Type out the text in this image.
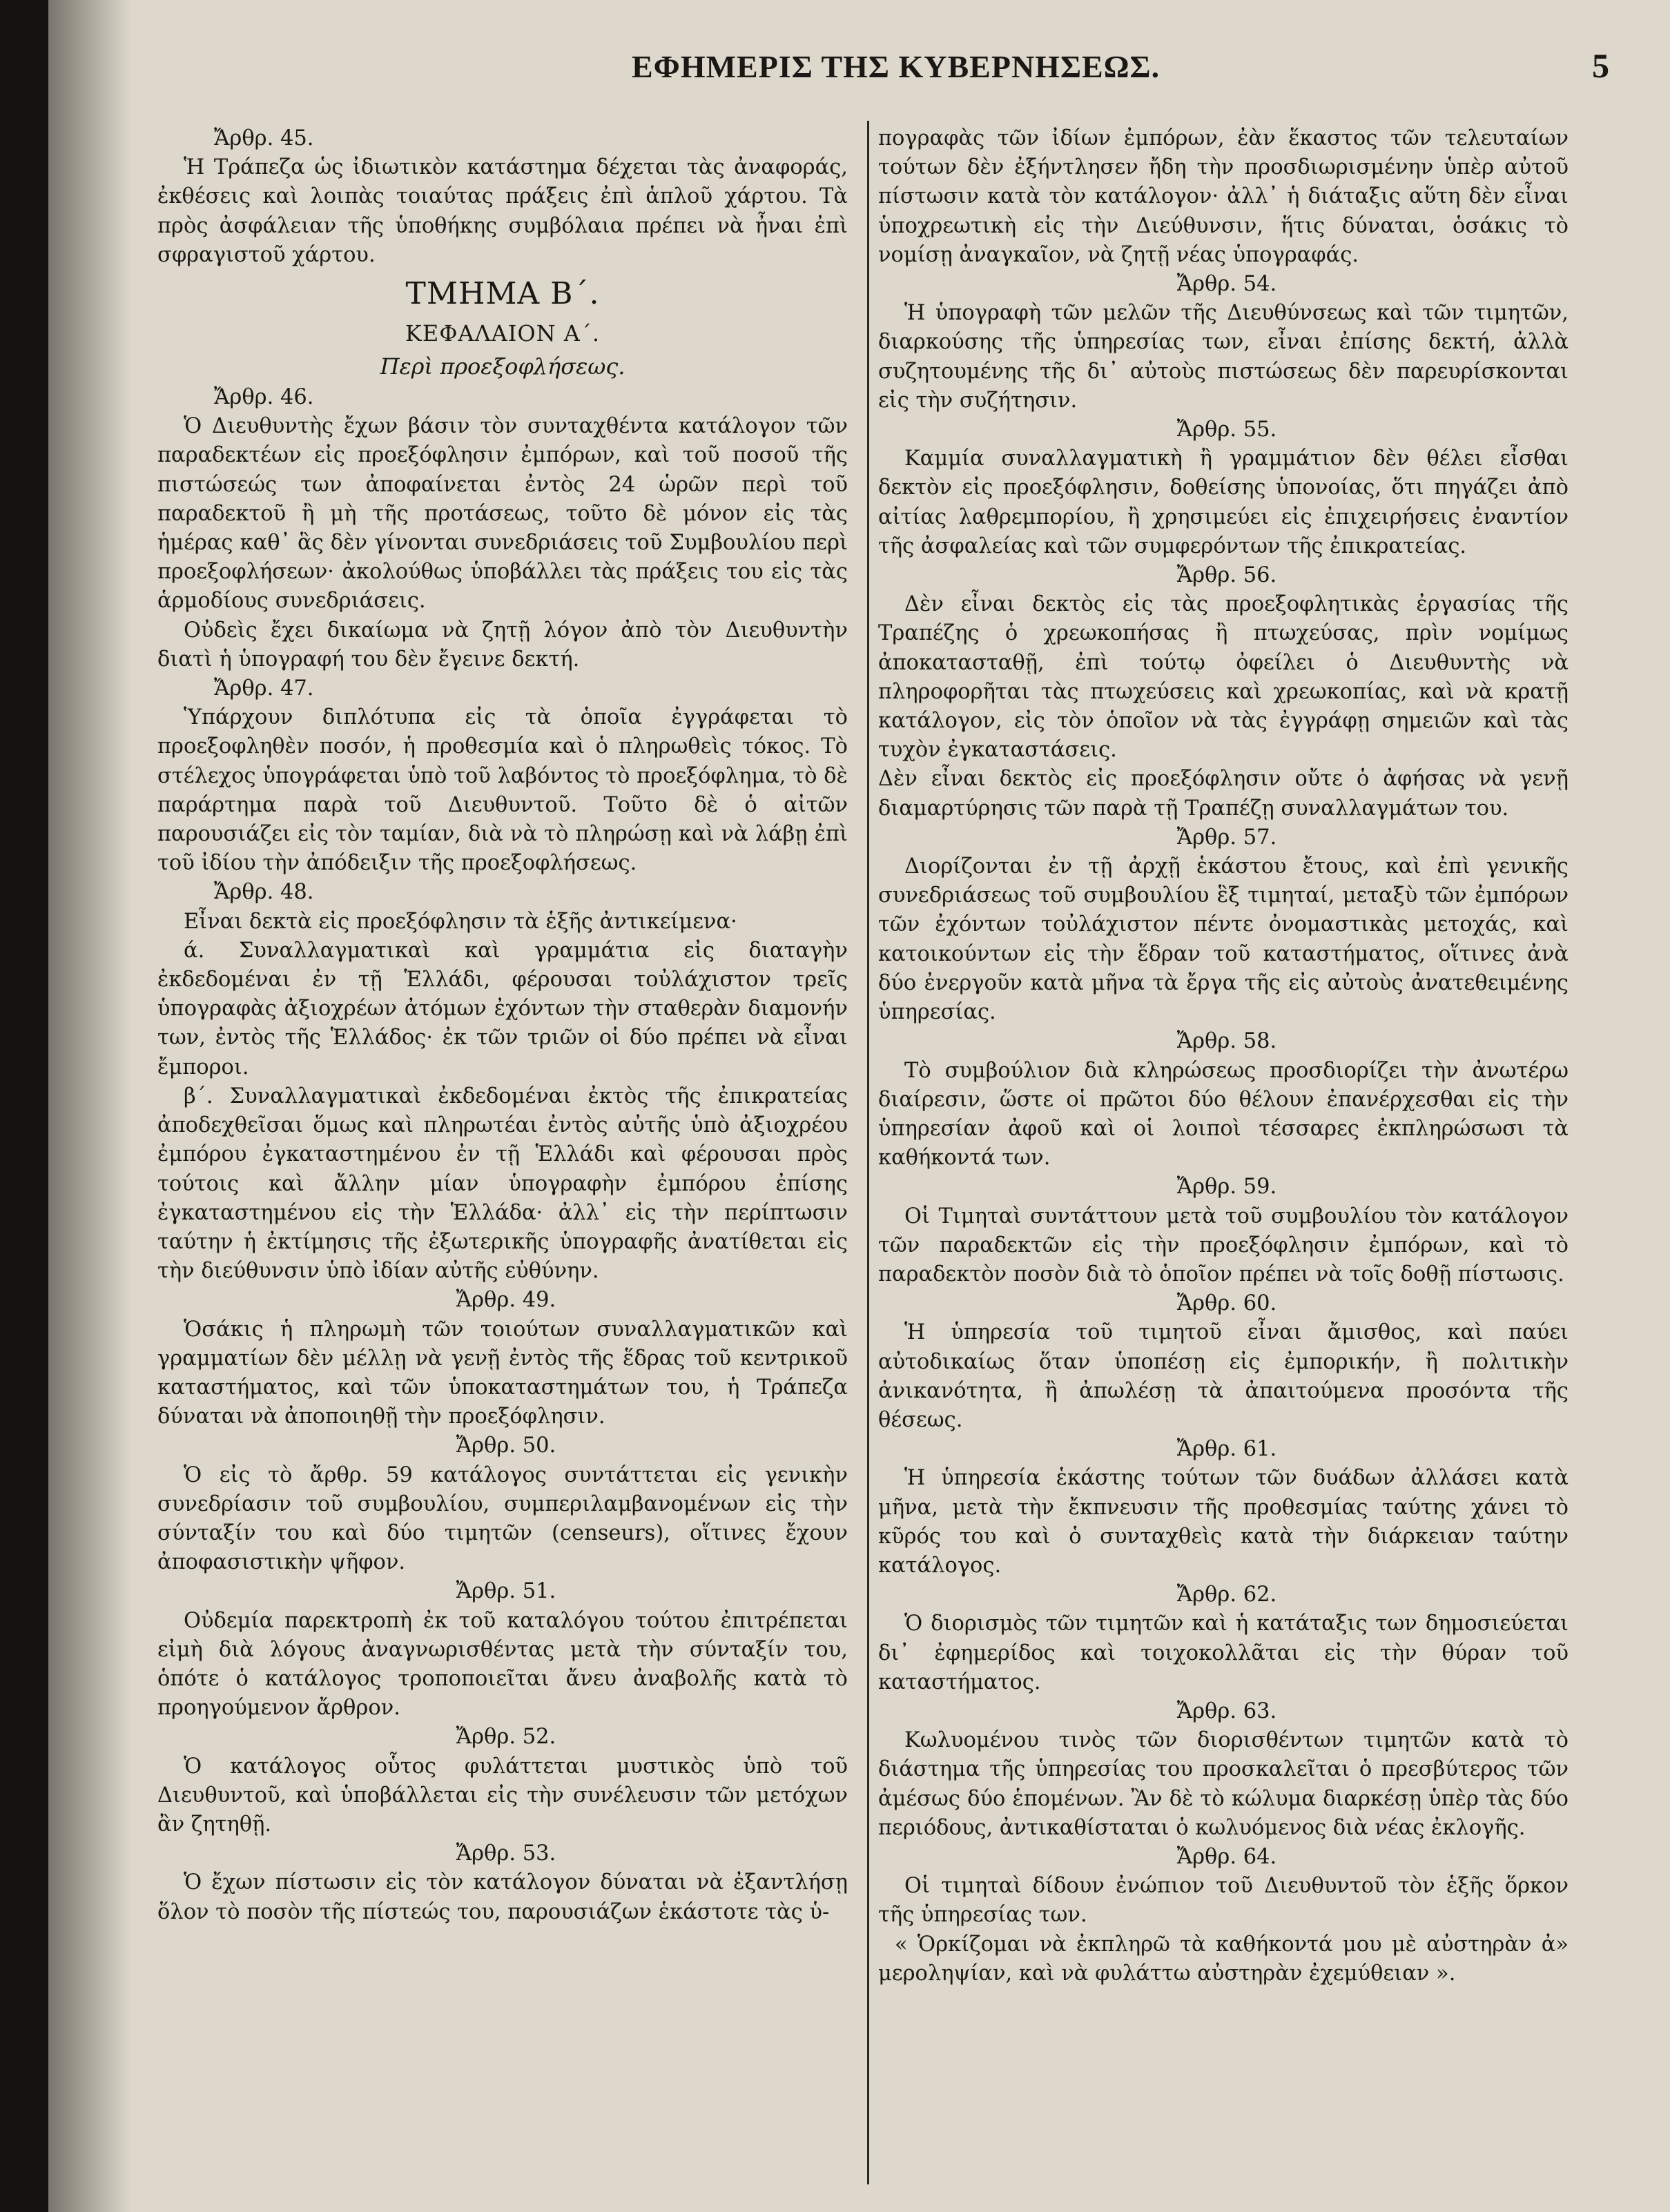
ΕΦΗΜΕΡΙΣ ΤΗΣ ΚΥΒΕΡΝΗΣΕΩΣ.	5

Ἄρθρ. 45.

Ἡ Τράπεζα ὡς ἰδιωτικὸν κατάστημα δέχεται τὰς ἀναφοράς, ἐκθέσεις καὶ λοιπὰς τοιαύτας πράξεις ἐπὶ ἁπλοῦ χάρτου. Τὰ πρὸς ἀσφάλειαν τῆς ὑποθήκης συμβόλαια πρέπει νὰ ἦναι ἐπὶ σφραγιστοῦ χάρτου.

ΤΜΗΜΑ Β΄.

ΚΕΦΑΛΑΙΟΝ Α΄.

Περὶ προεξοφλήσεως.

Ἄρθρ. 46.

Ὁ Διευθυντὴς ἔχων βάσιν τὸν συνταχθέντα κατάλογον τῶν παραδεκτέων εἰς προεξόφλησιν ἐμπόρων, καὶ τοῦ ποσοῦ τῆς πιστώσεώς των ἀποφαίνεται ἐντὸς 24 ὡρῶν περὶ τοῦ παραδεκτοῦ ἢ μὴ τῆς προτάσεως, τοῦτο δὲ μόνον εἰς τὰς ἡμέρας καθ᾽ ἃς δὲν γίνονται συνεδριάσεις τοῦ Συμβουλίου περὶ προεξοφλήσεων· ἀκολούθως ὑποβάλλει τὰς πράξεις του εἰς τὰς ἁρμοδίους συνεδριάσεις.

Οὐδεὶς ἔχει δικαίωμα νὰ ζητῇ λόγον ἀπὸ τὸν Διευθυντὴν διατὶ ἡ ὑπογραφή του δὲν ἔγεινε δεκτή.

Ἄρθρ. 47.

Ὑπάρχουν διπλότυπα εἰς τὰ ὁποῖα ἐγγράφεται τὸ προεξοφληθὲν ποσόν, ἡ προθεσμία καὶ ὁ πληρωθεὶς τόκος. Τὸ στέλεχος ὑπογράφεται ὑπὸ τοῦ λαβόντος τὸ προεξόφλημα, τὸ δὲ παράρτημα παρὰ τοῦ Διευθυντοῦ. Τοῦτο δὲ ὁ αἰτῶν παρουσιάζει εἰς τὸν ταμίαν, διὰ νὰ τὸ πληρώσῃ καὶ νὰ λάβῃ ἐπὶ τοῦ ἰδίου τὴν ἀπόδειξιν τῆς προεξοφλήσεως.

Ἄρθρ. 48.

Εἶναι δεκτὰ εἰς προεξόφλησιν τὰ ἑξῆς ἀντικείμενα·

ά. Συναλλαγματικαὶ καὶ γραμμάτια εἰς διαταγὴν ἐκδεδομέναι ἐν τῇ Ἑλλάδι, φέρουσαι τοὐλάχιστον τρεῖς ὑπογραφὰς ἀξιοχρέων ἀτόμων ἐχόντων τὴν σταθερὰν διαμονήν των, ἐντὸς τῆς Ἑλλάδος· ἐκ τῶν τριῶν οἱ δύο πρέπει νὰ εἶναι ἔμποροι.

β΄. Συναλλαγματικαὶ ἐκδεδομέναι ἐκτὸς τῆς ἐπικρατείας ἀποδεχθεῖσαι ὅμως καὶ πληρωτέαι ἐντὸς αὐτῆς ὑπὸ ἀξιοχρέου ἐμπόρου ἐγκαταστημένου ἐν τῇ Ἑλλάδι καὶ φέρουσαι πρὸς τούτοις καὶ ἄλλην μίαν ὑπογραφὴν ἐμπόρου ἐπίσης ἐγκαταστημένου εἰς τὴν Ἑλλάδα· ἀλλ᾽ εἰς τὴν περίπτωσιν ταύτην ἡ ἐκτίμησις τῆς ἐξωτερικῆς ὑπογραφῆς ἀνατίθεται εἰς τὴν διεύθυνσιν ὑπὸ ἰδίαν αὐτῆς εὐθύνην.

Ἄρθρ. 49.

Ὁσάκις ἡ πληρωμὴ τῶν τοιούτων συναλλαγματικῶν καὶ γραμματίων δὲν μέλλῃ νὰ γενῇ ἐντὸς τῆς ἕδρας τοῦ κεντρικοῦ καταστήματος, καὶ τῶν ὑποκαταστημάτων του, ἡ Τράπεζα δύναται νὰ ἀποποιηθῇ τὴν προεξόφλησιν.

Ἄρθρ. 50.

Ὁ εἰς τὸ ἄρθρ. 59 κατάλογος συντάττεται εἰς γενικὴν συνεδρίασιν τοῦ συμβουλίου, συμπεριλαμβανομένων εἰς τὴν σύνταξίν του καὶ δύο τιμητῶν (censeurs), οἵτινες ἔχουν ἀποφασιστικὴν ψῆφον.

Ἄρθρ. 51.

Οὐδεμία παρεκτροπὴ ἐκ τοῦ καταλόγου τούτου ἐπιτρέπεται εἰμὴ διὰ λόγους ἀναγνωρισθέντας μετὰ τὴν σύνταξίν του, ὁπότε ὁ κατάλογος τροποποιεῖται ἄνευ ἀναβολῆς κατὰ τὸ προηγούμενον ἄρθρον.

Ἄρθρ. 52.

Ὁ κατάλογος οὗτος φυλάττεται μυστικὸς ὑπὸ τοῦ Διευθυντοῦ, καὶ ὑποβάλλεται εἰς τὴν συνέλευσιν τῶν μετόχων ἂν ζητηθῇ.

Ἄρθρ. 53.

Ὁ ἔχων πίστωσιν εἰς τὸν κατάλογον δύναται νὰ ἐξαντλήσῃ ὅλον τὸ ποσὸν τῆς πίστεώς του, παρουσιάζων ἑκάστοτε τὰς ὑ-

πογραφὰς τῶν ἰδίων ἐμπόρων, ἐὰν ἕκαστος τῶν τελευταίων τούτων δὲν ἐξήντλησεν ἤδη τὴν προσδιωρισμένην ὑπὲρ αὐτοῦ πίστωσιν κατὰ τὸν κατάλογον· ἀλλ᾽ ἡ διάταξις αὕτη δὲν εἶναι ὑποχρεωτικὴ εἰς τὴν Διεύθυνσιν, ἥτις δύναται, ὁσάκις τὸ νομίσῃ ἀναγκαῖον, νὰ ζητῇ νέας ὑπογραφάς.

Ἄρθρ. 54.

Ἡ ὑπογραφὴ τῶν μελῶν τῆς Διευθύνσεως καὶ τῶν τιμητῶν, διαρκούσης τῆς ὑπηρεσίας των, εἶναι ἐπίσης δεκτή, ἀλλὰ συζητουμένης τῆς δι᾽ αὐτοὺς πιστώσεως δὲν παρευρίσκονται εἰς τὴν συζήτησιν.

Ἄρθρ. 55.

Καμμία συναλλαγματικὴ ἢ γραμμάτιον δὲν θέλει εἶσθαι δεκτὸν εἰς προεξόφλησιν, δοθείσης ὑπονοίας, ὅτι πηγάζει ἀπὸ αἰτίας λαθρεμπορίου, ἢ χρησιμεύει εἰς ἐπιχειρήσεις ἐναντίον τῆς ἀσφαλείας καὶ τῶν συμφερόντων τῆς ἐπικρατείας.

Ἄρθρ. 56.

Δὲν εἶναι δεκτὸς εἰς τὰς προεξοφλητικὰς ἐργασίας τῆς Τραπέζης ὁ χρεωκοπήσας ἢ πτωχεύσας, πρὶν νομίμως ἀποκατασταθῇ, ἐπὶ τούτῳ ὀφείλει ὁ Διευθυντὴς νὰ πληροφορῆται τὰς πτωχεύσεις καὶ χρεωκοπίας, καὶ νὰ κρατῇ κατάλογον, εἰς τὸν ὁποῖον νὰ τὰς ἐγγράφῃ σημειῶν καὶ τὰς τυχὸν ἐγκαταστάσεις.

Δὲν εἶναι δεκτὸς εἰς προεξόφλησιν οὔτε ὁ ἀφήσας νὰ γενῇ διαμαρτύρησις τῶν παρὰ τῇ Τραπέζῃ συναλλαγμάτων του.

Ἄρθρ. 57.

Διορίζονται ἐν τῇ ἀρχῇ ἑκάστου ἔτους, καὶ ἐπὶ γενικῆς συνεδριάσεως τοῦ συμβουλίου ἓξ τιμηταί, μεταξὺ τῶν ἐμπόρων τῶν ἐχόντων τοὐλάχιστον πέντε ὀνομαστικὰς μετοχάς, καὶ κατοικούντων εἰς τὴν ἕδραν τοῦ καταστήματος, οἵτινες ἀνὰ δύο ἐνεργοῦν κατὰ μῆνα τὰ ἔργα τῆς εἰς αὐτοὺς ἀνατεθειμένης ὑπηρεσίας.

Ἄρθρ. 58.

Τὸ συμβούλιον διὰ κληρώσεως προσδιορίζει τὴν ἀνωτέρω διαίρεσιν, ὥστε οἱ πρῶτοι δύο θέλουν ἐπανέρχεσθαι εἰς τὴν ὑπηρεσίαν ἀφοῦ καὶ οἱ λοιποὶ τέσσαρες ἐκπληρώσωσι τὰ καθήκοντά των.

Ἄρθρ. 59.

Οἱ Τιμηταὶ συντάττουν μετὰ τοῦ συμβουλίου τὸν κατάλογον τῶν παραδεκτῶν εἰς τὴν προεξόφλησιν ἐμπόρων, καὶ τὸ παραδεκτὸν ποσὸν διὰ τὸ ὁποῖον πρέπει νὰ τοῖς δοθῇ πίστωσις.

Ἄρθρ. 60.

Ἡ ὑπηρεσία τοῦ τιμητοῦ εἶναι ἄμισθος, καὶ παύει αὐτοδικαίως ὅταν ὑποπέσῃ εἰς ἐμπορικήν, ἢ πολιτικὴν ἀνικανότητα, ἢ ἀπωλέσῃ τὰ ἀπαιτούμενα προσόντα τῆς θέσεως.

Ἄρθρ. 61.

Ἡ ὑπηρεσία ἑκάστης τούτων τῶν δυάδων ἀλλάσει κατὰ μῆνα, μετὰ τὴν ἔκπνευσιν τῆς προθεσμίας ταύτης χάνει τὸ κῦρός του καὶ ὁ συνταχθεὶς κατὰ τὴν διάρκειαν ταύτην κατάλογος.

Ἄρθρ. 62.

Ὁ διορισμὸς τῶν τιμητῶν καὶ ἡ κατάταξις των δημοσιεύεται δι᾽ ἐφημερίδος καὶ τοιχοκολλᾶται εἰς τὴν θύραν τοῦ καταστήματος.

Ἄρθρ. 63.

Κωλυομένου τινὸς τῶν διορισθέντων τιμητῶν κατὰ τὸ διάστημα τῆς ὑπηρεσίας του προσκαλεῖται ὁ πρεσβύτερος τῶν ἀμέσως δύο ἑπομένων. Ἂν δὲ τὸ κώλυμα διαρκέσῃ ὑπὲρ τὰς δύο περιόδους, ἀντικαθίσταται ὁ κωλυόμενος διὰ νέας ἐκλογῆς.

Ἄρθρ. 64.

Οἱ τιμηταὶ δίδουν ἐνώπιον τοῦ Διευθυντοῦ τὸν ἑξῆς ὅρκον τῆς ὑπηρεσίας των.

« Ὁρκίζομαι νὰ ἐκπληρῶ τὰ καθήκοντά μου μὲ αὐστηρὰν ἀ» μεροληψίαν, καὶ νὰ φυλάττω αὐστηρὰν ἐχεμύθειαν ».
